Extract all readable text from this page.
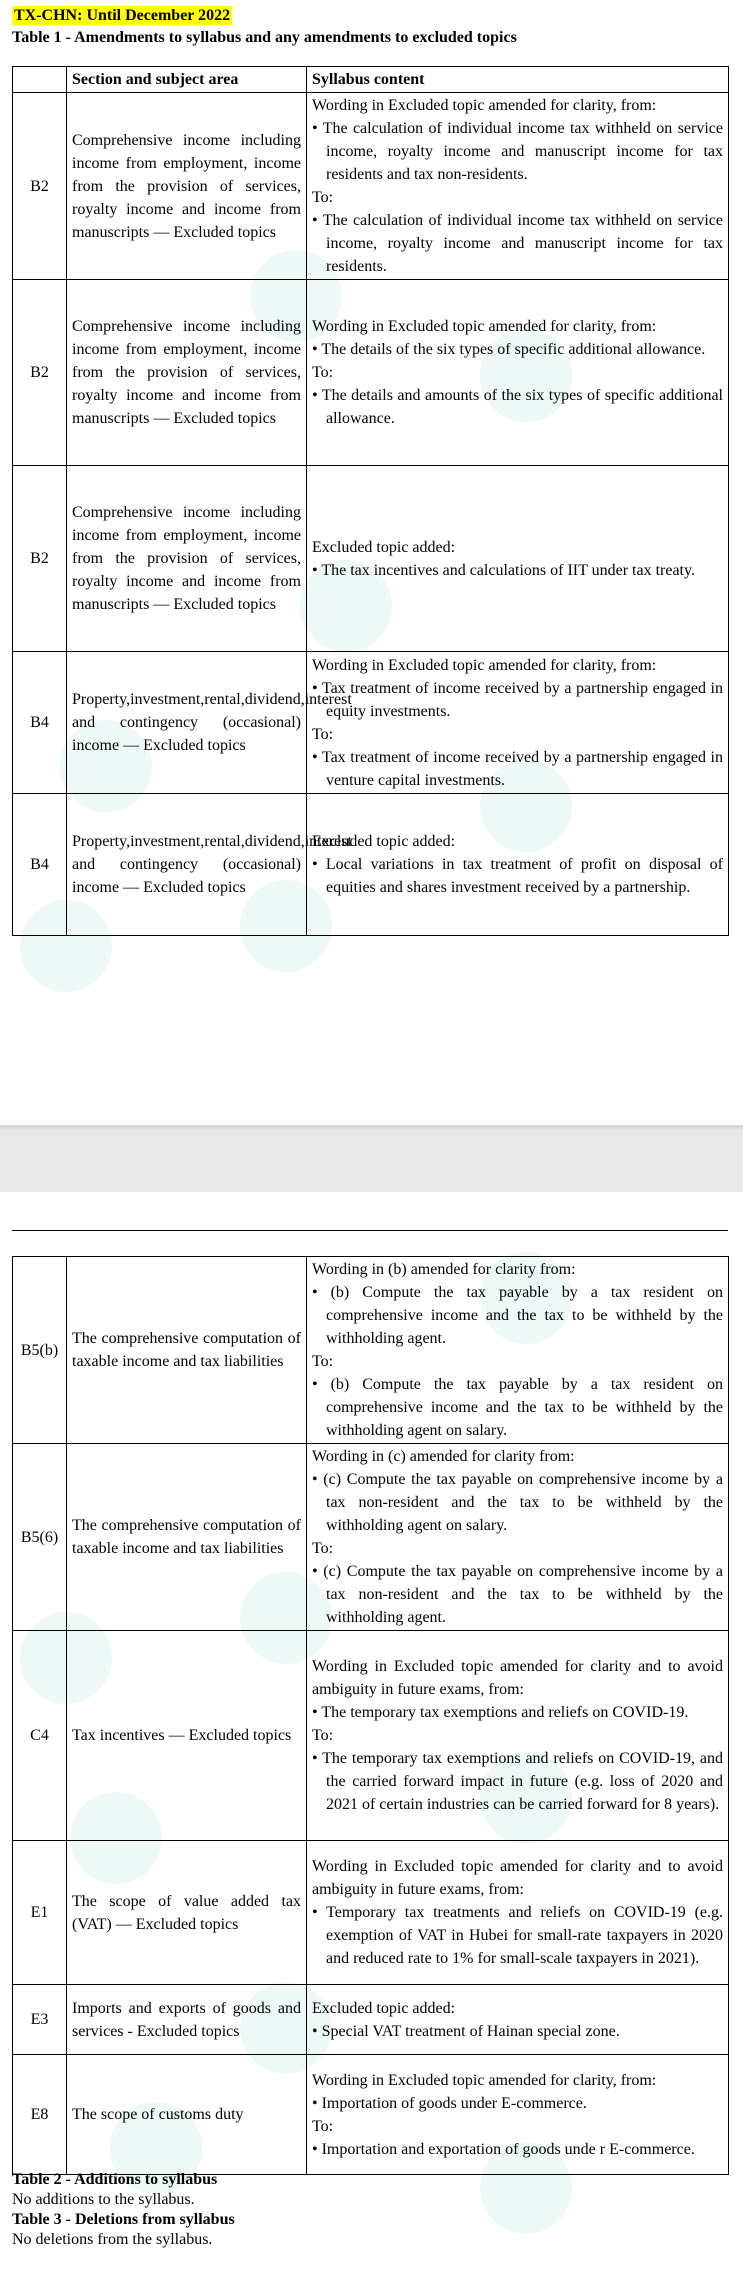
TX-CHN: Until December 2022
Table 1 - Amendments to syllabus and any amendments to excluded topics
	Section and subject area	Syllabus content
B2	Comprehensive income including income from employment, income from the provision of services, royalty income and income from manuscripts — Excluded topics	Wording in Excluded topic amended for clarity, from:

• The calculation of individual income tax withheld on service income, royalty income and manuscript income for tax residents and tax non-residents.

To:

• The calculation of individual income tax withheld on service income, royalty income and manuscript income for tax residents.

B2	Comprehensive income including income from employment, income from the provision of services, royalty income and income from manuscripts — Excluded topics	Wording in Excluded topic amended for clarity, from:

• The details of the six types of specific additional allowance.

To:

• The details and amounts of the six types of specific additional allowance.

B2	Comprehensive income including income from employment, income from the provision of services, royalty income and income from manuscripts — Excluded topics	Excluded topic added:

• The tax incentives and calculations of IIT under tax treaty.

B4	Property,investment,rental,dividend,interest and contingency (occasional) income — Excluded topics	Wording in Excluded topic amended for clarity, from:

• Tax treatment of income received by a partnership engaged in equity investments.

To:

• Tax treatment of income received by a partnership engaged in venture capital investments.

B4	Property,investment,rental,dividend,interest and contingency (occasional) income — Excluded topics	Excluded topic added:

• Local variations in tax treatment of profit on disposal of equities and shares investment received by a partnership.

B5(b)	The comprehensive computation of taxable income and tax liabilities	Wording in (b) amended for clarity from:

• (b) Compute the tax payable by a tax resident on comprehensive income and the tax to be withheld by the withholding agent.

To:

• (b) Compute the tax payable by a tax resident on comprehensive income and the tax to be withheld by the withholding agent on salary.

B5(6)	The comprehensive computation of taxable income and tax liabilities	Wording in (c) amended for clarity from:

• (c) Compute the tax payable on comprehensive income by a tax non-resident and the tax to be withheld by the withholding agent on salary.

To:

• (c) Compute the tax payable on comprehensive income by a tax non-resident and the tax to be withheld by the withholding agent.

C4	Tax incentives — Excluded topics	Wording in Excluded topic amended for clarity and to avoid ambiguity in future exams, from:

• The temporary tax exemptions and reliefs on COVID-19.

To:

• The temporary tax exemptions and reliefs on COVID-19, and the carried forward impact in future (e.g. loss of 2020 and 2021 of certain industries can be carried forward for 8 years).

E1	The scope of value added tax (VAT) — Excluded topics	Wording in Excluded topic amended for clarity and to avoid ambiguity in future exams, from:

• Temporary tax treatments and reliefs on COVID-19 (e.g. exemption of VAT in Hubei for small-rate taxpayers in 2020 and reduced rate to 1% for small-scale taxpayers in 2021).

E3	Imports and exports of goods and services - Excluded topics	Excluded topic added:

• Special VAT treatment of Hainan special zone.

E8	The scope of customs duty	Wording in Excluded topic amended for clarity, from:

• Importation of goods under E-commerce.

To:

• Importation and exportation of goods unde r E-commerce.

Table 2 - Additions to syllabus
No additions to the syllabus.
Table 3 - Deletions from syllabus
No deletions from the syllabus.
